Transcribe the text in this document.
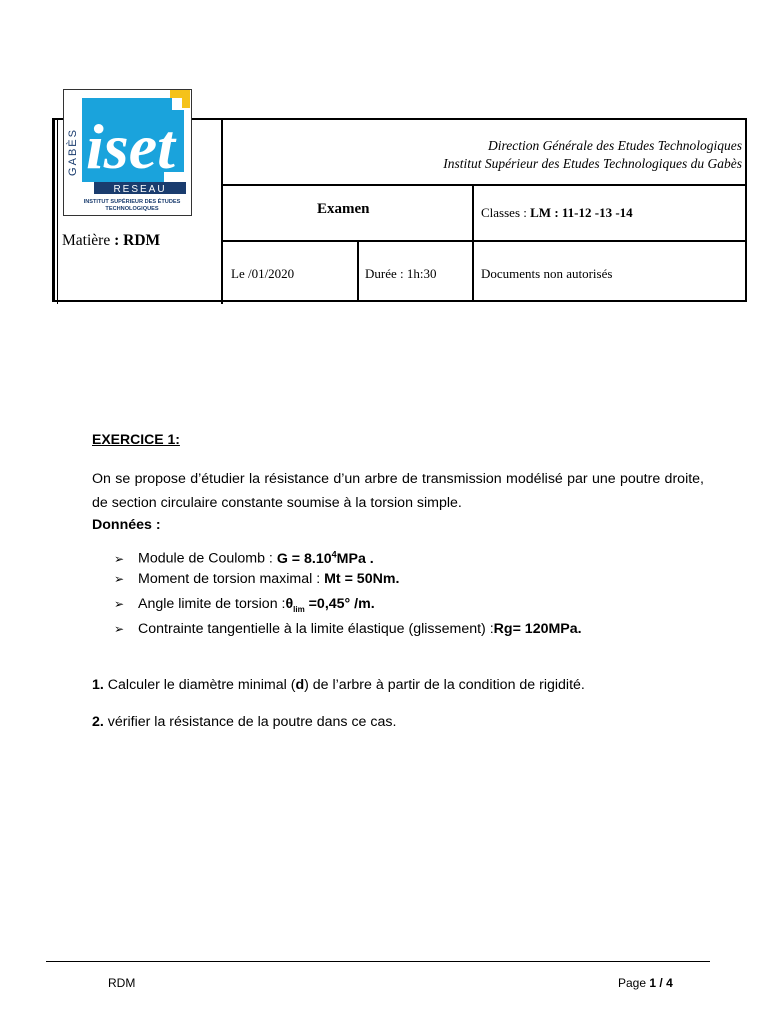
iset
RESEAU
INSTITUT SUPÉRIEUR DES ÉTUDES
TECHNOLOGIQUES
GABÈS	Direction Générale des Etudes Technologiques
Institut Supérieur des Etudes Technologiques du Gabès
Matière : RDM
Examen	Classes : LM : 11-12 -13 -14
Le /01/2020	Durée : 1h:30	Documents non autorisés
EXERCICE 1:
On se propose d’étudier la résistance d’un arbre de transmission modélisé par une poutre droite, de section circulaire constante soumise à la torsion simple.
Données :
➢ Module de Coulomb : $G = 8.10^4MPa$ .
➢ Moment de torsion maximal : Mt = 50Nm.
➢ Angle limite de torsion $:\theta_{lim} =0,45^\circ$ /m.
➢ Contrainte tangentielle à la limite élastique (glissement) :Rg= 120MPa.
1. Calculer le diamètre minimal (d) de l’arbre à partir de la condition de rigidité.
2. vérifier la résistance de la poutre dans ce cas.
RDM	Page 1 / 4
